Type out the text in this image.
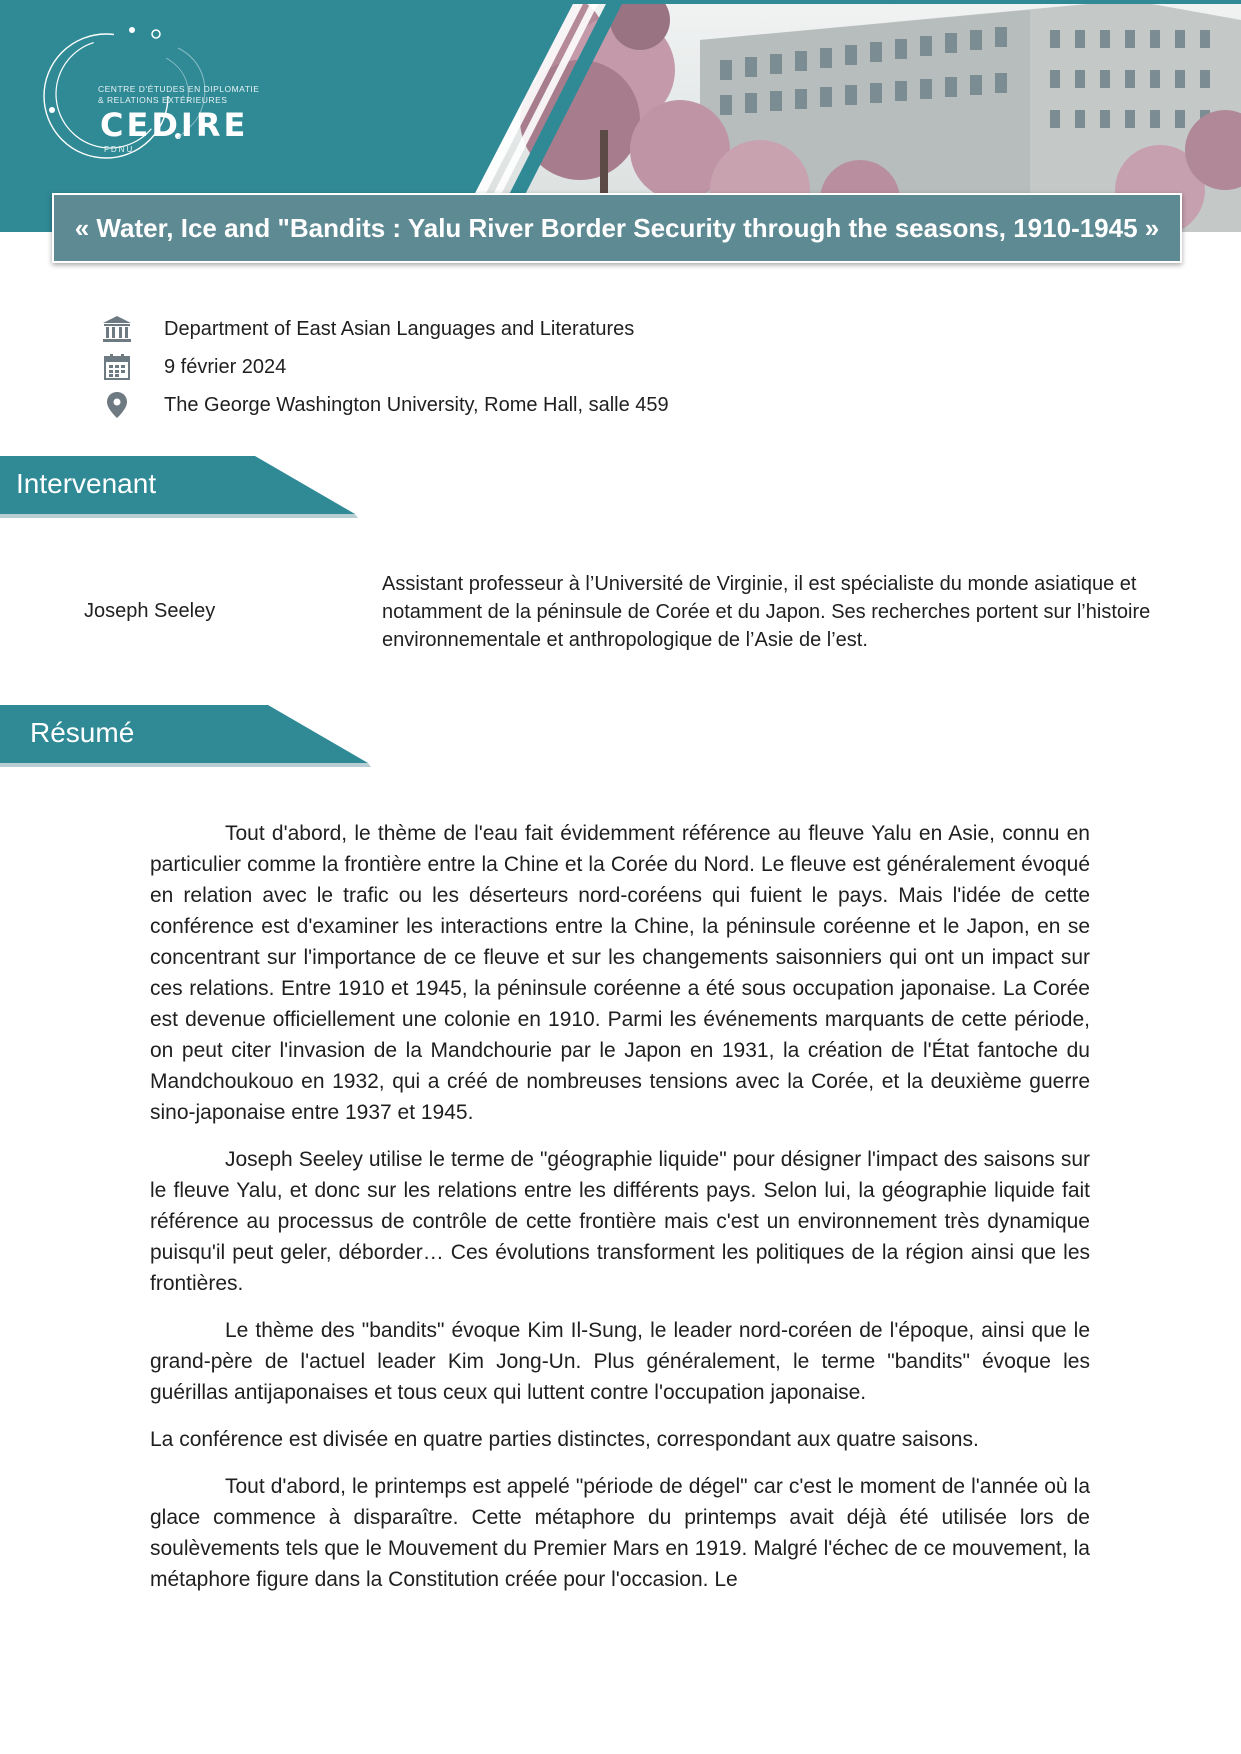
CENTRE D'ÉTUDES EN DIPLOMATIE
& RELATIONS EXTÉRIEURES
CEDIRE
FDNU
« Water, Ice and "Bandits : Yalu River Border Security through the seasons, 1910-1945 »
Department of East Asian Languages and Literatures
9 février 2024
The George Washington University, Rome Hall, salle 459
Intervenant
Joseph Seeley
Assistant professeur à l’Université de Virginie, il est spécialiste du monde asiatique et notamment de la péninsule de Corée et du Japon. Ses recherches portent sur l’histoire environnementale et anthropologique de l’Asie de l’est.
Résumé

Tout d'abord, le thème de l'eau fait évidemment référence au fleuve Yalu en Asie, connu en particulier comme la frontière entre la Chine et la Corée du Nord. Le fleuve est généralement évoqué en relation avec le trafic ou les déserteurs nord-coréens qui fuient le pays. Mais l'idée de cette conférence est d'examiner les interactions entre la Chine, la péninsule coréenne et le Japon, en se concentrant sur l'importance de ce fleuve et sur les changements saisonniers qui ont un impact sur ces relations. Entre 1910 et 1945, la péninsule coréenne a été sous occupation japonaise. La Corée est devenue officiellement une colonie en 1910. Parmi les événements marquants de cette période, on peut citer l'invasion de la Mandchourie par le Japon en 1931, la création de l'État fantoche du Mandchoukouo en 1932, qui a créé de nombreuses tensions avec la Corée, et la deuxième guerre sino-japonaise entre 1937 et 1945.

Joseph Seeley utilise le terme de "géographie liquide" pour désigner l'impact des saisons sur le fleuve Yalu, et donc sur les relations entre les différents pays. Selon lui, la géographie liquide fait référence au processus de contrôle de cette frontière mais c'est un environnement très dynamique puisqu'il peut geler, déborder… Ces évolutions transforment les politiques de la région ainsi que les frontières.

Le thème des "bandits" évoque Kim Il-Sung, le leader nord-coréen de l'époque, ainsi que le grand-père de l'actuel leader Kim Jong-Un. Plus généralement, le terme "bandits" évoque les guérillas antijaponaises et tous ceux qui luttent contre l'occupation japonaise.

La conférence est divisée en quatre parties distinctes, correspondant aux quatre saisons.

Tout d'abord, le printemps est appelé "période de dégel" car c'est le moment de l'année où la glace commence à disparaître. Cette métaphore du printemps avait déjà été utilisée lors de soulèvements tels que le Mouvement du Premier Mars en 1919. Malgré l'échec de ce mouvement, la métaphore figure dans la Constitution créée pour l'occasion. Le
